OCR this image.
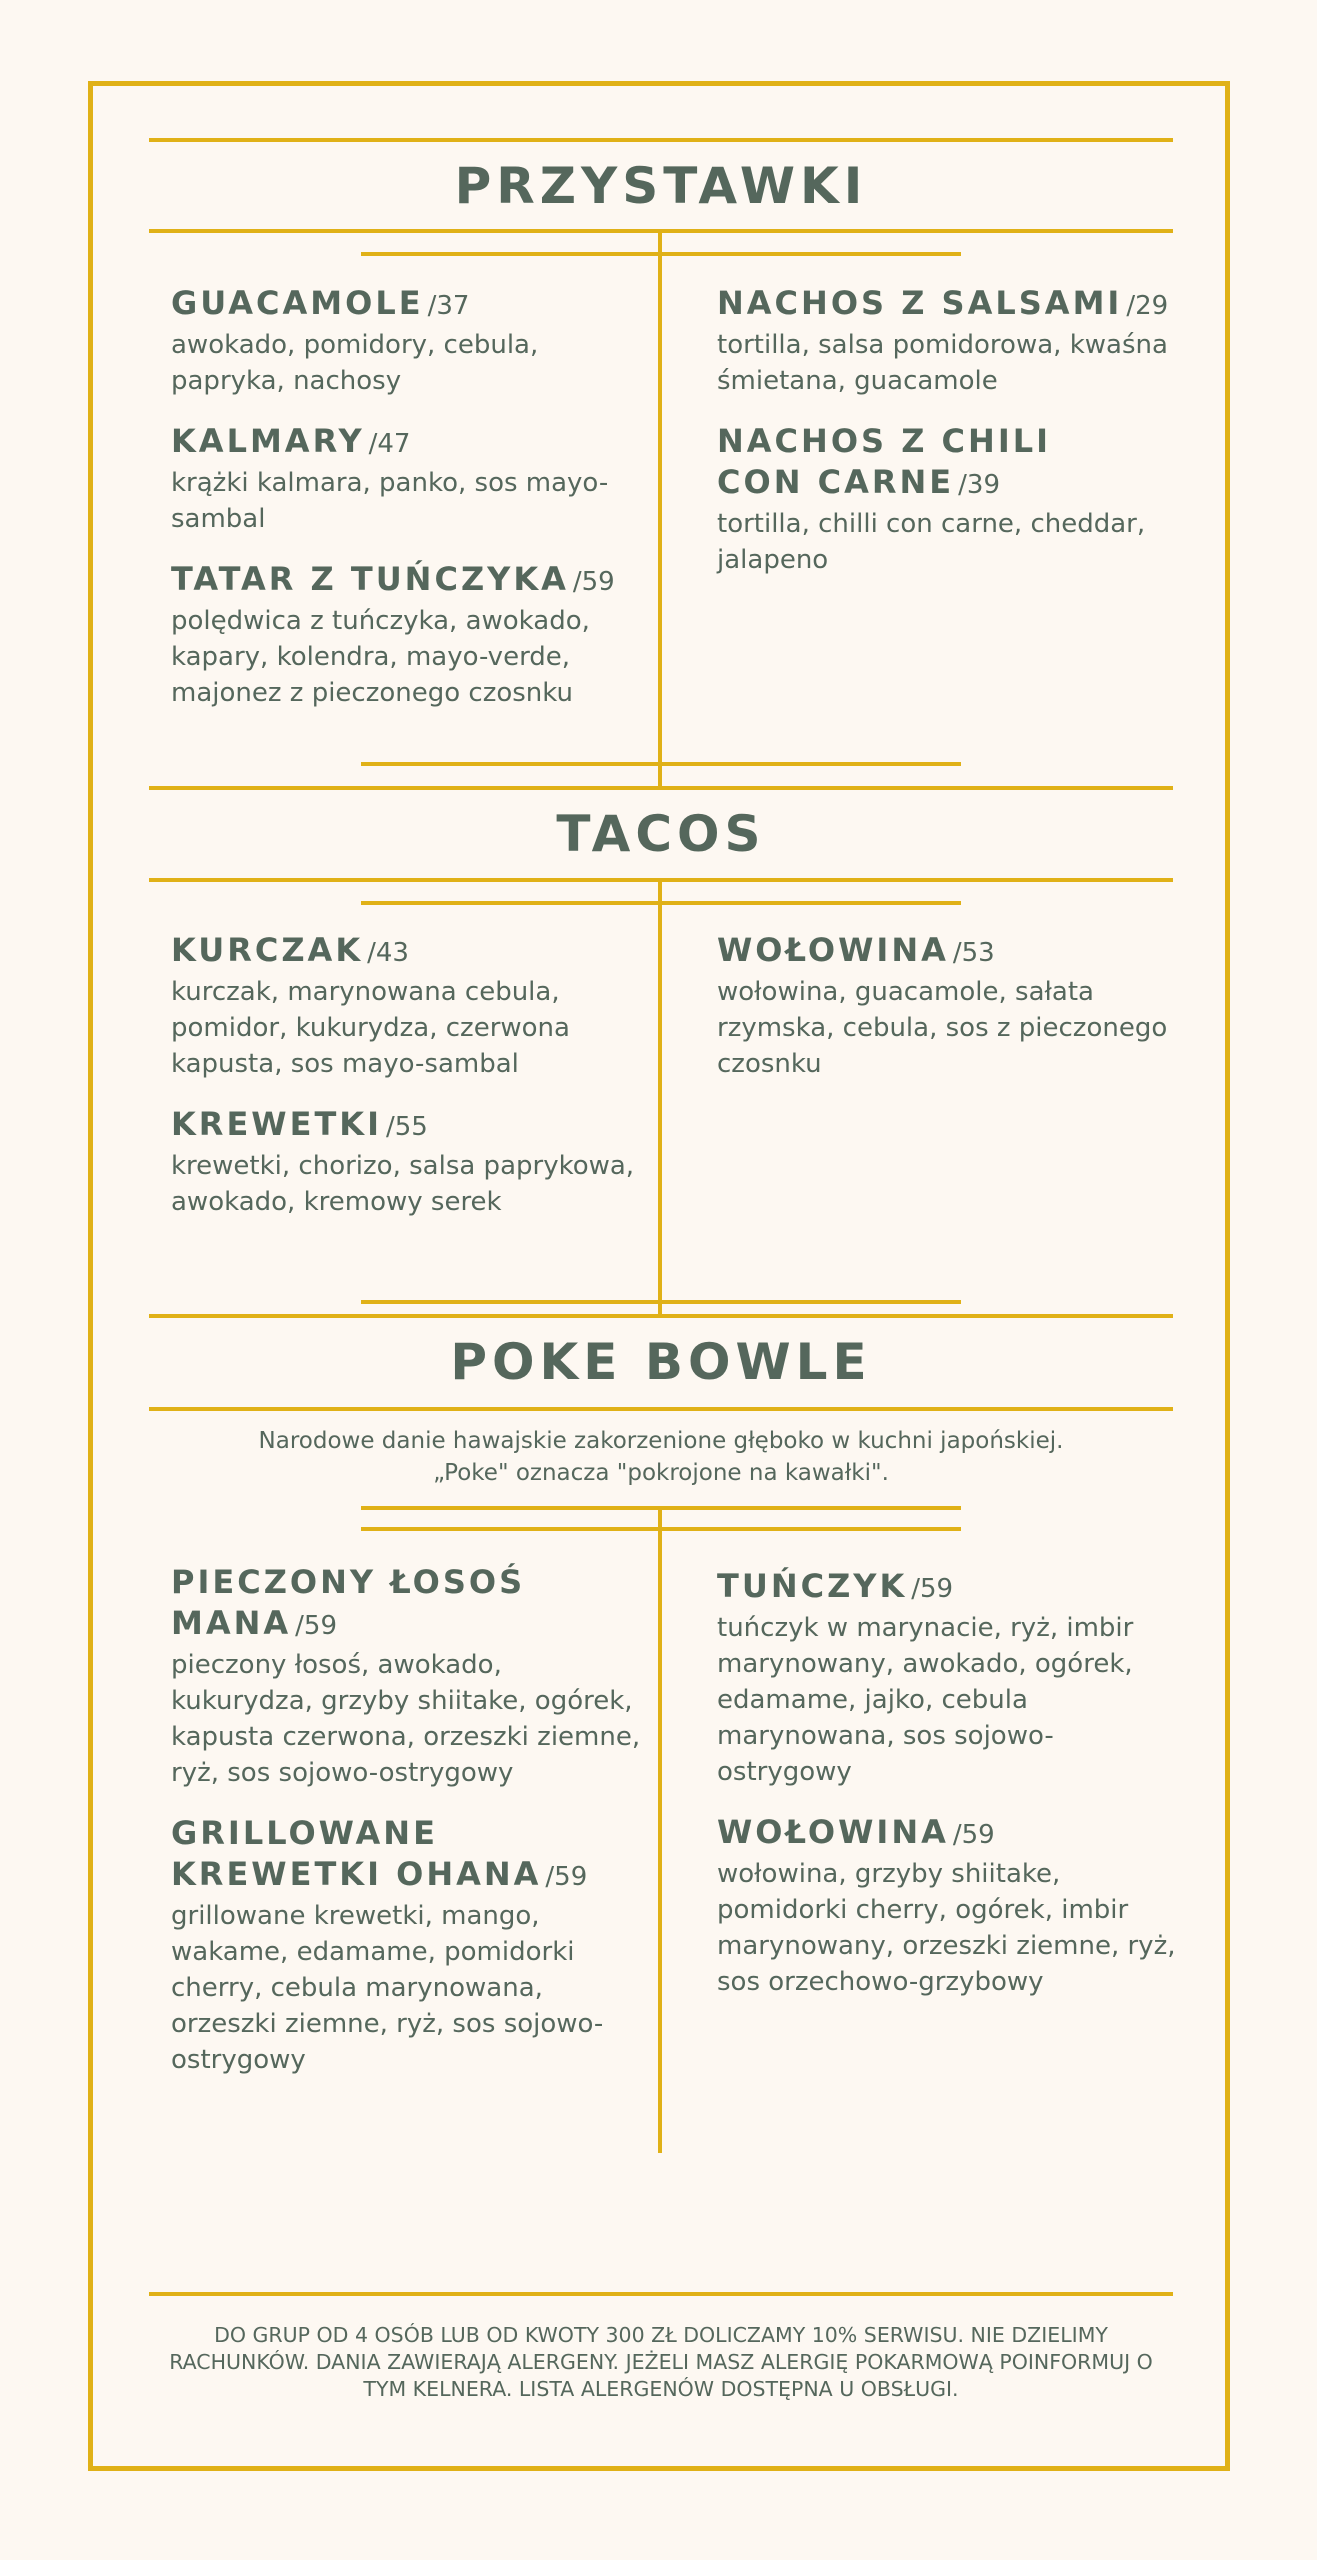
PRZYSTAWKI
GUACAMOLE /37
awokado, pomidory, cebula, papryka, nachosy
KALMARY /47
krążki kalmara, panko, sos mayo-sambal
TATAR Z TUŃCZYKA /59
polędwica z tuńczyka, awokado, kapary, kolendra, mayo-verde, majonez z pieczonego czosnku
NACHOS Z SALSAMI /29
tortilla, salsa pomidorowa, kwaśna śmietana, guacamole
NACHOS Z CHILI CON CARNE /39
tortilla, chilli con carne, cheddar, jalapeno
TACOS
KURCZAK /43
kurczak, marynowana cebula, pomidor, kukurydza, czerwona kapusta, sos mayo-sambal
KREWETKI /55
krewetki, chorizo, salsa paprykowa, awokado, kremowy serek
WOŁOWINA /53
wołowina, guacamole, sałata rzymska, cebula, sos z pieczonego czosnku
POKE BOWLE
Narodowe danie hawajskie zakorzenione głęboko w kuchni japońskiej.
„Poke" oznacza "pokrojone na kawałki".
PIECZONY ŁOSOŚ MANA /59
pieczony łosoś, awokado, kukurydza, grzyby shiitake, ogórek, kapusta czerwona, orzeszki ziemne, ryż, sos sojowo-ostrygowy
GRILLOWANE KREWETKI OHANA /59
grillowane krewetki, mango, wakame, edamame, pomidorki cherry, cebula marynowana, orzeszki ziemne, ryż, sos sojowo-ostrygowy
TUŃCZYK /59
tuńczyk w marynacie, ryż, imbir marynowany, awokado, ogórek, edamame, jajko, cebula marynowana, sos sojowo-ostrygowy
WOŁOWINA /59
wołowina, grzyby shiitake, pomidorki cherry, ogórek, imbir marynowany, orzeszki ziemne, ryż, sos orzechowo-grzybowy
DO GRUP OD 4 OSÓB LUB OD KWOTY 300 ZŁ DOLICZAMY 10% SERWISU. NIE DZIELIMY RACHUNKÓW. DANIA ZAWIERAJĄ ALERGENY. JEŻELI MASZ ALERGIĘ POKARMOWĄ POINFORMUJ O TYM KELNERA. LISTA ALERGENÓW DOSTĘPNA U OBSŁUGI.
